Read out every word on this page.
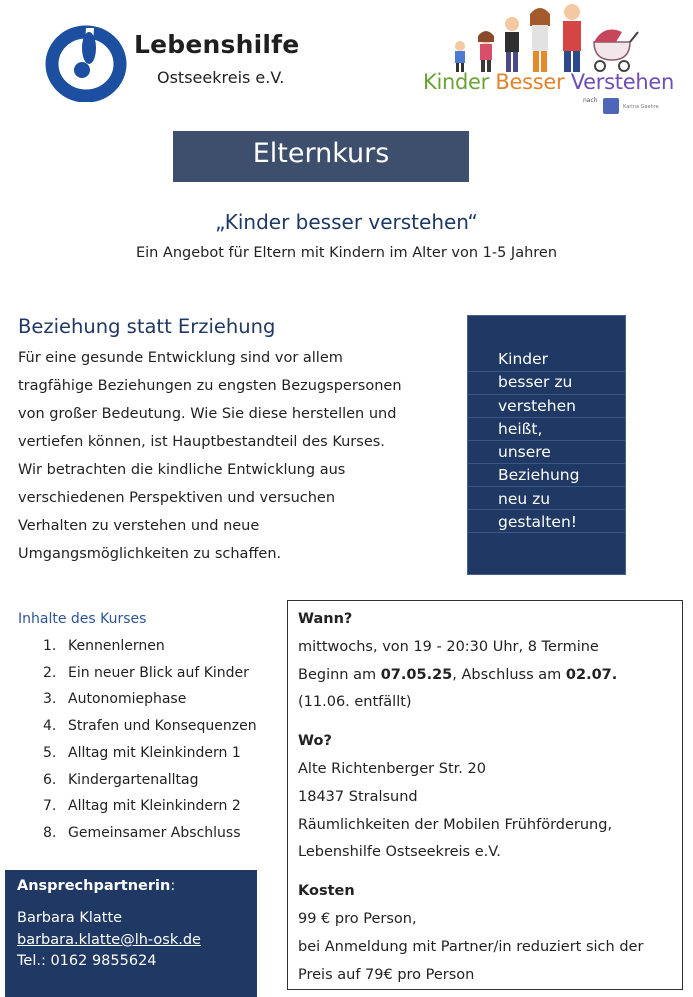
Lebenshilfe
Ostseekreis e.V.	Kinder Besser Verstehen
nach
Karina Gaehre
Elternkurs
„Kinder besser verstehen“
Ein Angebot für Eltern mit Kindern im Alter von 1-5 Jahren
Beziehung statt Erziehung

Für eine gesunde Entwicklung sind vor allem

tragfähige Beziehungen zu engsten Bezugspersonen

von großer Bedeutung. Wie Sie diese herstellen und

vertiefen können, ist Hauptbestandteil des Kurses.

Wir betrachten die kindliche Entwicklung aus

verschiedenen Perspektiven und versuchen

Verhalten zu verstehen und neue

Umgangsmöglichkeiten zu schaffen.

Kinder
besser zu
verstehen
heißt,
unsere
Beziehung
neu zu
gestalten!
Inhalte des Kurses
1. Kennenlernen
2. Ein neuer Blick auf Kinder
3. Autonomiephase
4. Strafen und Konsequenzen
5. Alltag mit Kleinkindern 1
6. Kindergartenalltag
7. Alltag mit Kleinkindern 2
8. Gemeinsamer Abschluss
Ansprechpartnerin:
Barbara Klatte
barbara.klatte@lh-osk.de
Tel.: 0162 9855624
Wann?
mittwochs, von 19 - 20:30 Uhr, 8 Termine
Beginn am 07.05.25, Abschluss am 02.07.
(11.06. entfällt)
Wo?
Alte Richtenberger Str. 20
18437 Stralsund
Räumlichkeiten der Mobilen Frühförderung,
Lebenshilfe Ostseekreis e.V.
Kosten
99 € pro Person,
bei Anmeldung mit Partner/in reduziert sich der
Preis auf 79€ pro Person
